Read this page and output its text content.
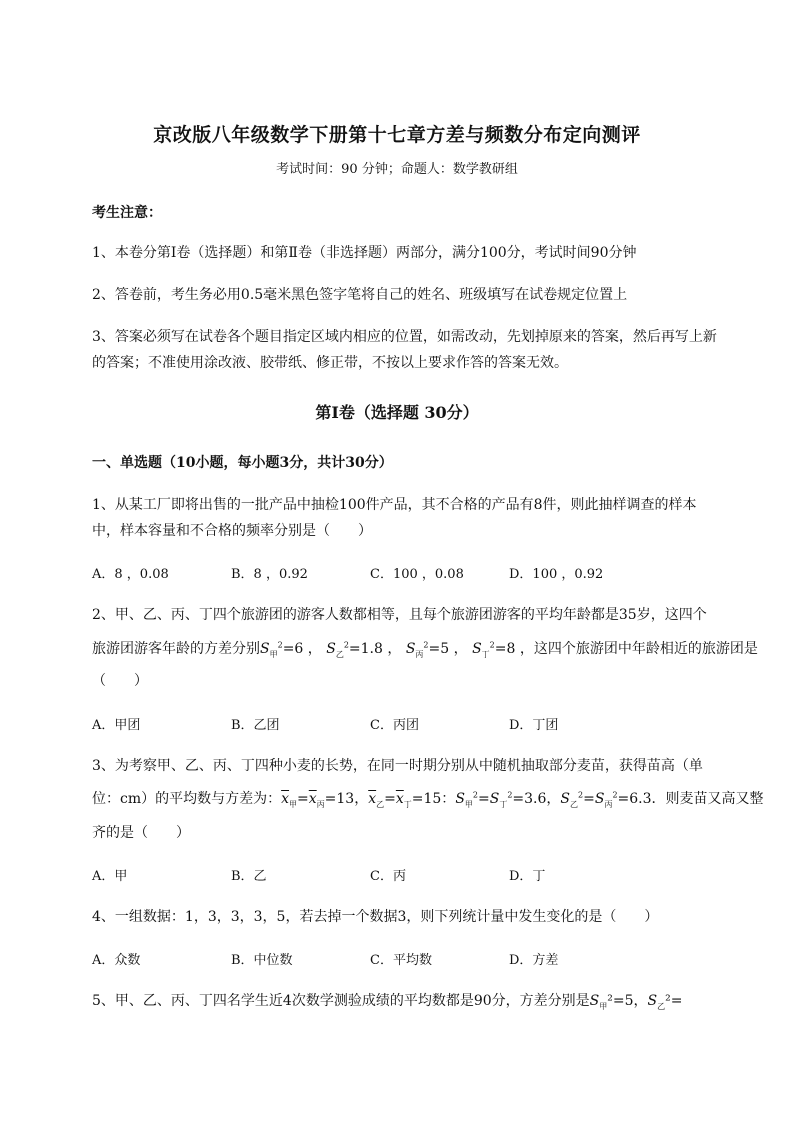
京改版八年级数学下册第十七章方差与频数分布定向测评
考试时间：90 分钟；命题人：数学教研组
考生注意：
1、本卷分第Ⅰ卷（选择题）和第Ⅱ卷（非选择题）两部分，满分100分，考试时间90分钟
2、答卷前，考生务必用0.5毫米黑色签字笔将自己的姓名、班级填写在试卷规定位置上
3、答案必须写在试卷各个题目指定区域内相应的位置，如需改动，先划掉原来的答案，然后再写上新
的答案；不准使用涂改液、胶带纸、修正带，不按以上要求作答的答案无效。
第Ⅰ卷（选择题 30分）
一、单选题（10小题，每小题3分，共计30分）
1、从某工厂即将出售的一批产品中抽检100件产品，其不合格的产品有8件，则此抽样调查的样本
中，样本容量和不合格的频率分别是（　　）
A．8 ，0.08	B．8 ，0.92	C．100 ，0.08	D．100 ，0.92
2、甲、乙、丙、丁四个旅游团的游客人数都相等，且每个旅游团游客的平均年龄都是35岁，这四个
旅游团游客年龄的方差分别$S_甲^2=6$ ， $S_乙^2=1.8$ ， $S_丙^2=5$ ， $S_丁^2=8$ ，这四个旅游团中年龄相近的旅游团是
（　　）
A．甲团	B．乙团	C．丙团	D．丁团
3、为考察甲、乙、丙、丁四种小麦的长势，在同一时期分别从中随机抽取部分麦苗，获得苗高（单
位：cm）的平均数与方差为：$\overline{x}_甲=\overline{x}_丙=13$，$\overline{x}_乙=\overline{x}_丁=15$：$S_甲^2=S_丁^2=3.6$，$S_乙^2=S_丙^2=6.3$．则麦苗又高又整
齐的是（　　）
A．甲	B．乙	C．丙	D．丁
4、一组数据：1，3，3，3，5，若去掉一个数据3，则下列统计量中发生变化的是（　　）
A．众数	B．中位数	C．平均数	D．方差
5、甲、乙、丙、丁四名学生近4次数学测验成绩的平均数都是90分，方差分别是$S_甲^2=5$，$S_乙^2=$
